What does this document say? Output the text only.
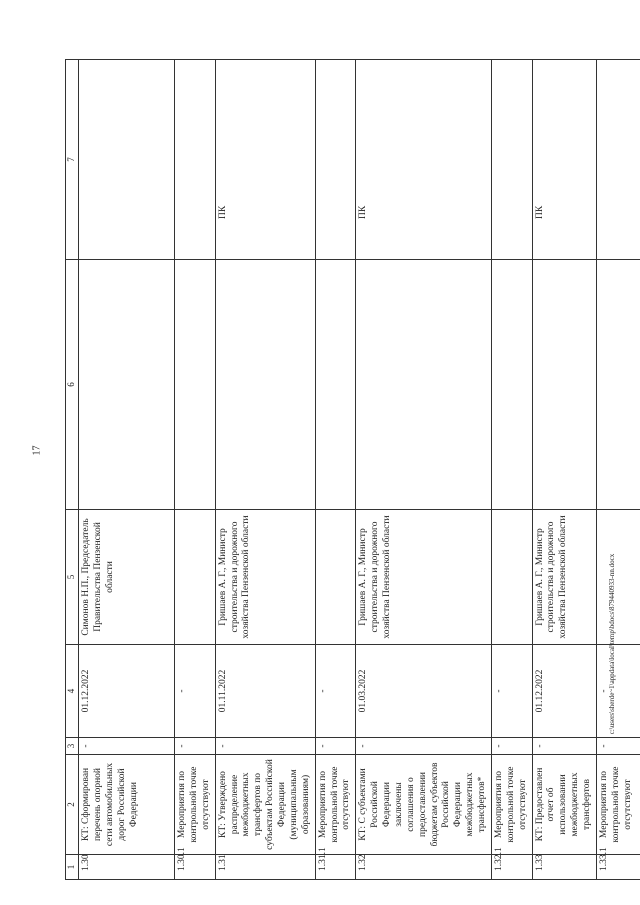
17
1	2	3	4	5	6	7
1.30	КТ: Сформирован перечень опорной сети автомобильных дорог Российской Федерации	-	01.12.2022	Симонов Н.П., Председатель Правительства Пензенской области		
1.30.1	Мероприятия по контрольной точке отсутствуют	-	-			
1.31	КТ: Утверждено распределение межбюджетных трансфертов по субъектам Российской Федерации (муниципальным образованиям)	-	01.11.2022	Гришаев А. Г., Министр строительства и дорожного хозяйства Пензенской области		ПК
1.31.1	Мероприятия по контрольной точке отсутствуют	-	-			
1.32	КТ: С субъектами Российской Федерации заключены соглашения о предоставлении бюджетам субъектов Российской Федерации межбюджетных трансфертов*	-	01.03.2022	Гришаев А. Г., Министр строительства и дорожного хозяйства Пензенской области		ПК
1.32.1	Мероприятия по контрольной точке отсутствуют	-	-			
1.33	КТ: Предоставлен отчет об использовании межбюджетных трансфертов	-	01.12.2022	Гришаев А. Г., Министр строительства и дорожного хозяйства Пензенской области		ПК
1.33.1	Мероприятия по контрольной точке отсутствуют	-	-			c:\users\sherde~1\appdata\local\temp\bdocs\879440933-nn.docx
